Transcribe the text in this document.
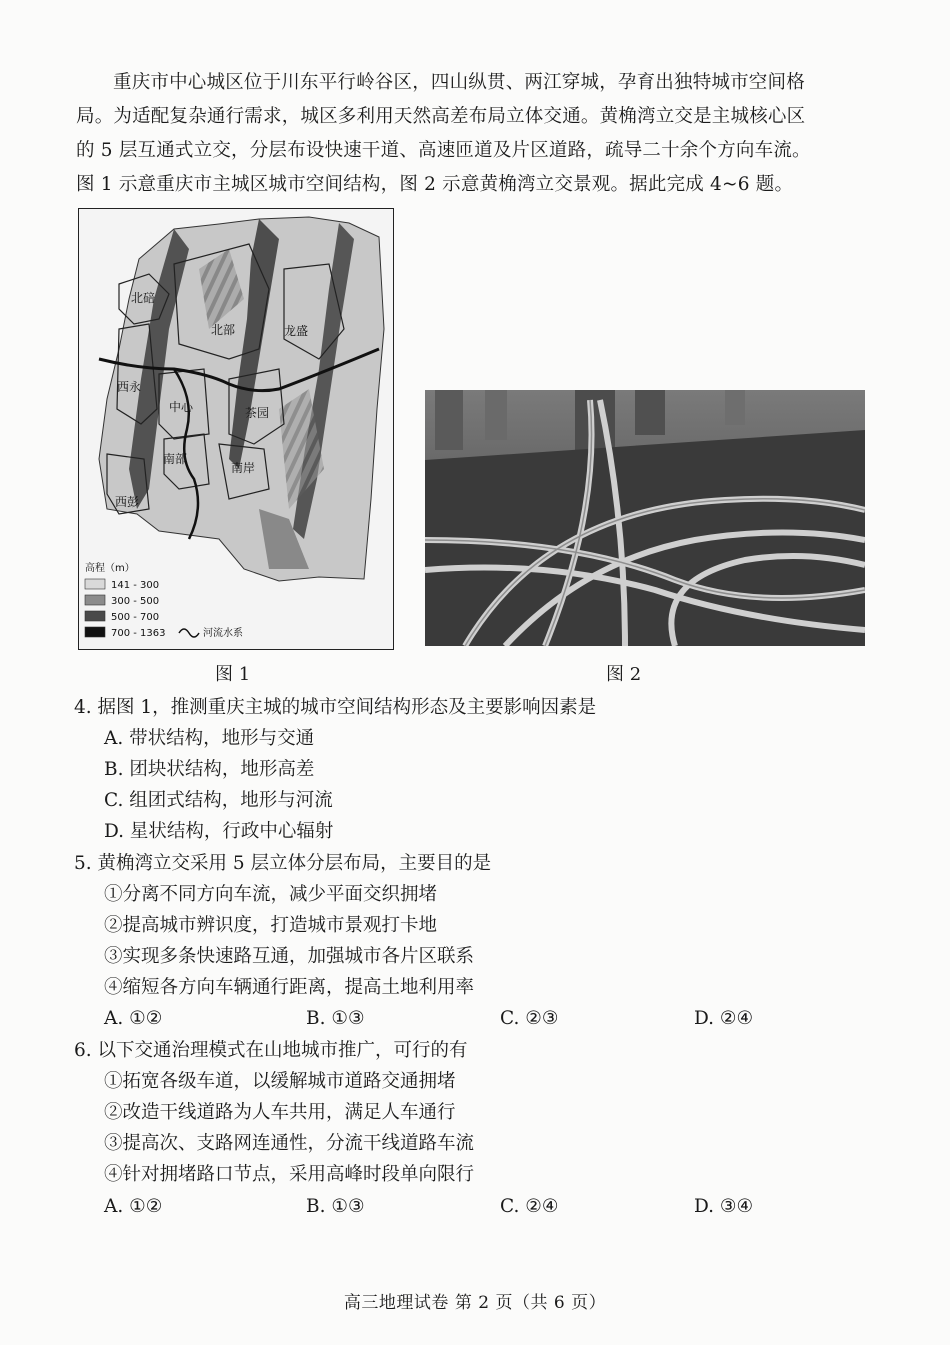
重庆市中心城区位于川东平行岭谷区，四山纵贯、两江穿城，孕育出独特城市空间格
局。为适配复杂通行需求，城区多利用天然高差布局立体交通。黄桷湾立交是主城核心区
的 5 层互通式立交，分层布设快速干道、高速匝道及片区道路，疏导二十余个方向车流。
图 1 示意重庆市主城区城市空间结构，图 2 示意黄桷湾立交景观。据此完成 4~6 题。
北碚
北部	龙盛
西永
中心	茶园
南部
南岸
西彭
高程（m）
141 - 300
300 - 500
500 - 700
700 - 1363	河流水系
图 1	图 2

4. 据图 1，推测重庆主城的城市空间结构形态及主要影响因素是

A. 带状结构，地形与交通
B. 团块状结构，地形高差
C. 组团式结构，地形与河流
D. 星状结构，行政中心辐射

5. 黄桷湾立交采用 5 层立体分层布局，主要目的是

①分离不同方向车流，减少平面交织拥堵
②提高城市辨识度，打造城市景观打卡地
③实现多条快速路互通，加强城市各片区联系
④缩短各方向车辆通行距离，提高土地利用率
A. ①②	B. ①③	C. ②③	D. ②④

6. 以下交通治理模式在山地城市推广，可行的有

①拓宽各级车道，以缓解城市道路交通拥堵
②改造干线道路为人车共用，满足人车通行
③提高次、支路网连通性，分流干线道路车流
④针对拥堵路口节点，采用高峰时段单向限行
A. ①②	B. ①③	C. ②④	D. ③④
高三地理试卷 第 2 页（共 6 页）
